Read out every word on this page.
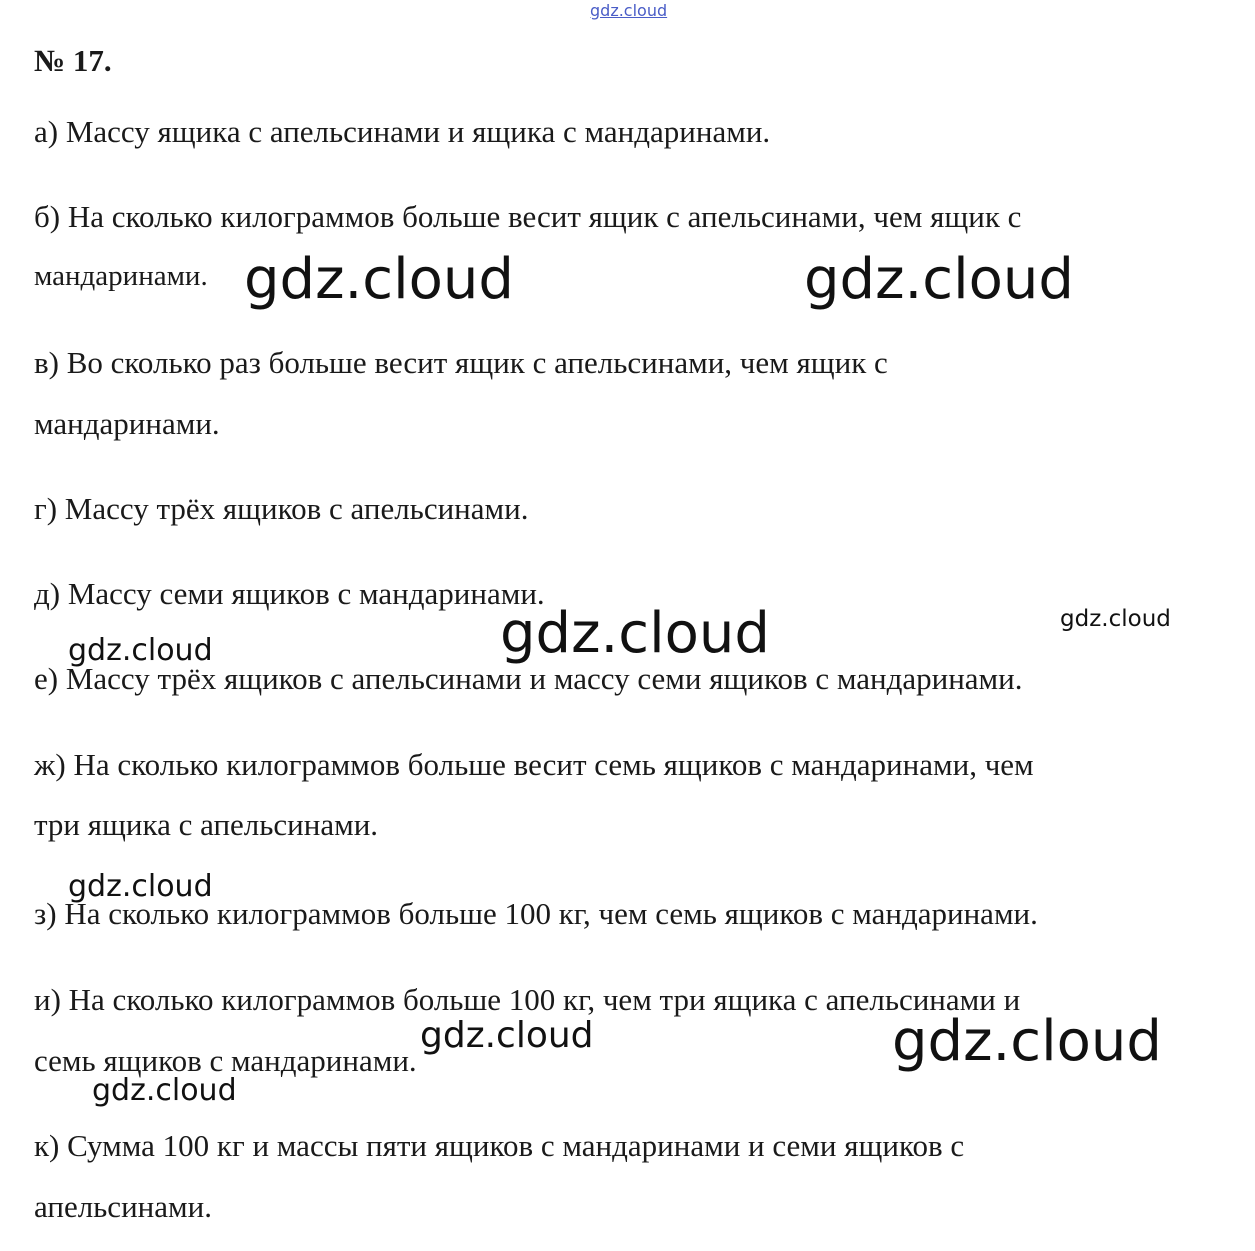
gdz.cloud
№ 17.
а) Массу ящика с апельсинами и ящика с мандаринами.
б) На сколько килограммов больше весит ящик с апельсинами, чем ящик с
мандаринами.
в) Во сколько раз больше весит ящик с апельсинами, чем ящик с
мандаринами.
г) Массу трёх ящиков с апельсинами.
д) Массу семи ящиков с мандаринами.
е) Массу трёх ящиков с апельсинами и массу семи ящиков с мандаринами.
ж) На сколько килограммов больше весит семь ящиков с мандаринами, чем
три ящика с апельсинами.
з) На сколько килограммов больше 100 кг, чем семь ящиков с мандаринами.
и) На сколько килограммов больше 100 кг, чем три ящика с апельсинами и
семь ящиков с мандаринами.
к) Сумма 100 кг и массы пяти ящиков с мандаринами и семи ящиков с
апельсинами.
gdz.cloud	gdz.cloud
gdz.cloud	gdz.cloud
gdz.cloud
gdz.cloud
gdz.cloud	gdz.cloud
gdz.cloud
